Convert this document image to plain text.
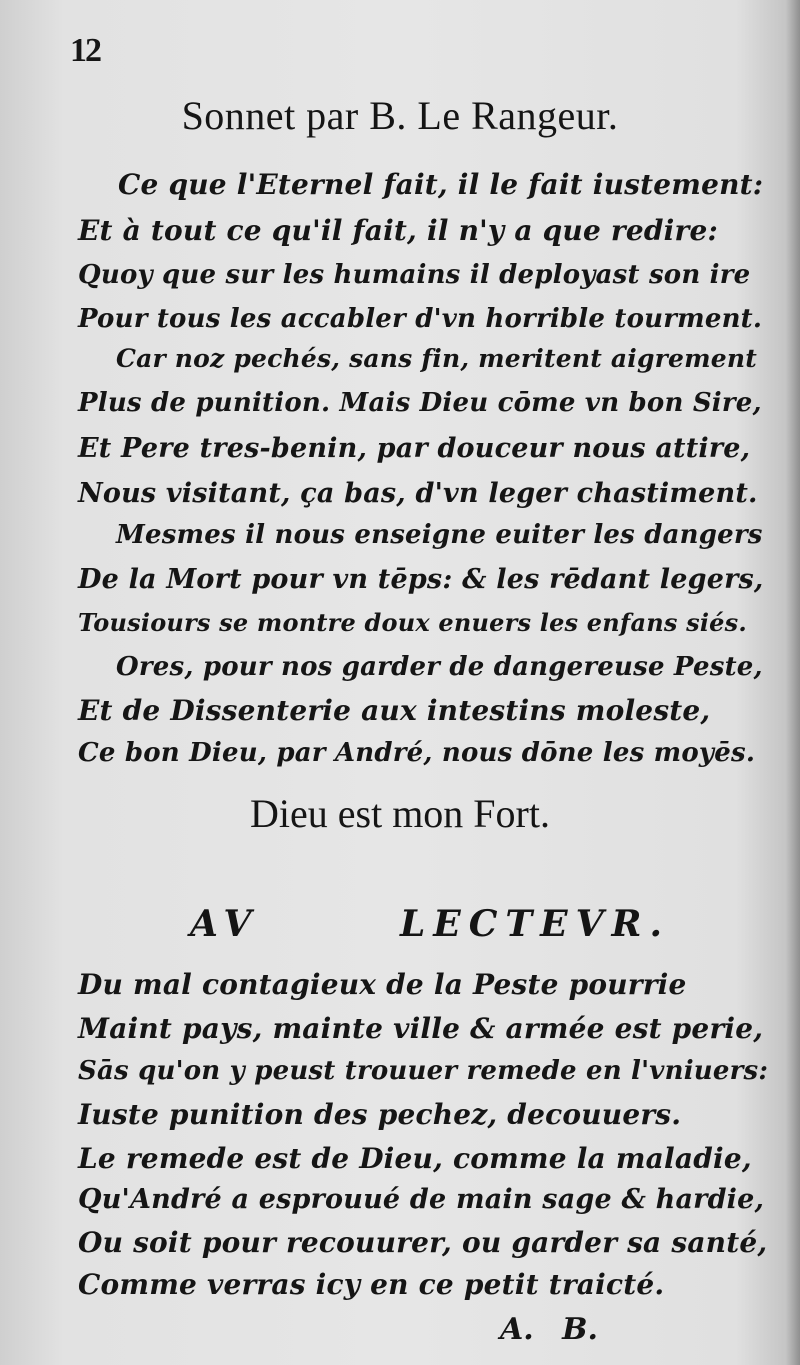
12
Sonnet par B. Le Rangeur.
Ce que l'Eternel fait, il le fait iustement:
Et à tout ce qu'il fait, il n'y a que redire:
Quoy que sur les humains il deployast son ire
Pour tous les accabler d'vn horrible tourment.
Car noz pechés, sans fin, meritent aigrement
Plus de punition. Mais Dieu cōme vn bon Sire,
Et Pere tres-benin, par douceur nous attire,
Nous visitant, ça bas, d'vn leger chastiment.
Mesmes il nous enseigne euiter les dangers
De la Mort pour vn tēps: & les rēdant legers,
Tousiours se montre doux enuers les enfans siés.
Ores, pour nos garder de dangereuse Peste,
Et de Dissenterie aux intestins moleste,
Ce bon Dieu, par André, nous dōne les moyēs.
Dieu est mon Fort.
AV	LECTEVR.
Du mal contagieux de la Peste pourrie
Maint pays, mainte ville & armée est perie,
Sās qu'on y peust trouuer remede en l'vniuers:
Iuste punition des pechez, decouuers.
Le remede est de Dieu, comme la maladie,
Qu'André a esprouué de main sage & hardie,
Ou soit pour recouurer, ou garder sa santé,
Comme verras icy en ce petit traicté.
A. B.
